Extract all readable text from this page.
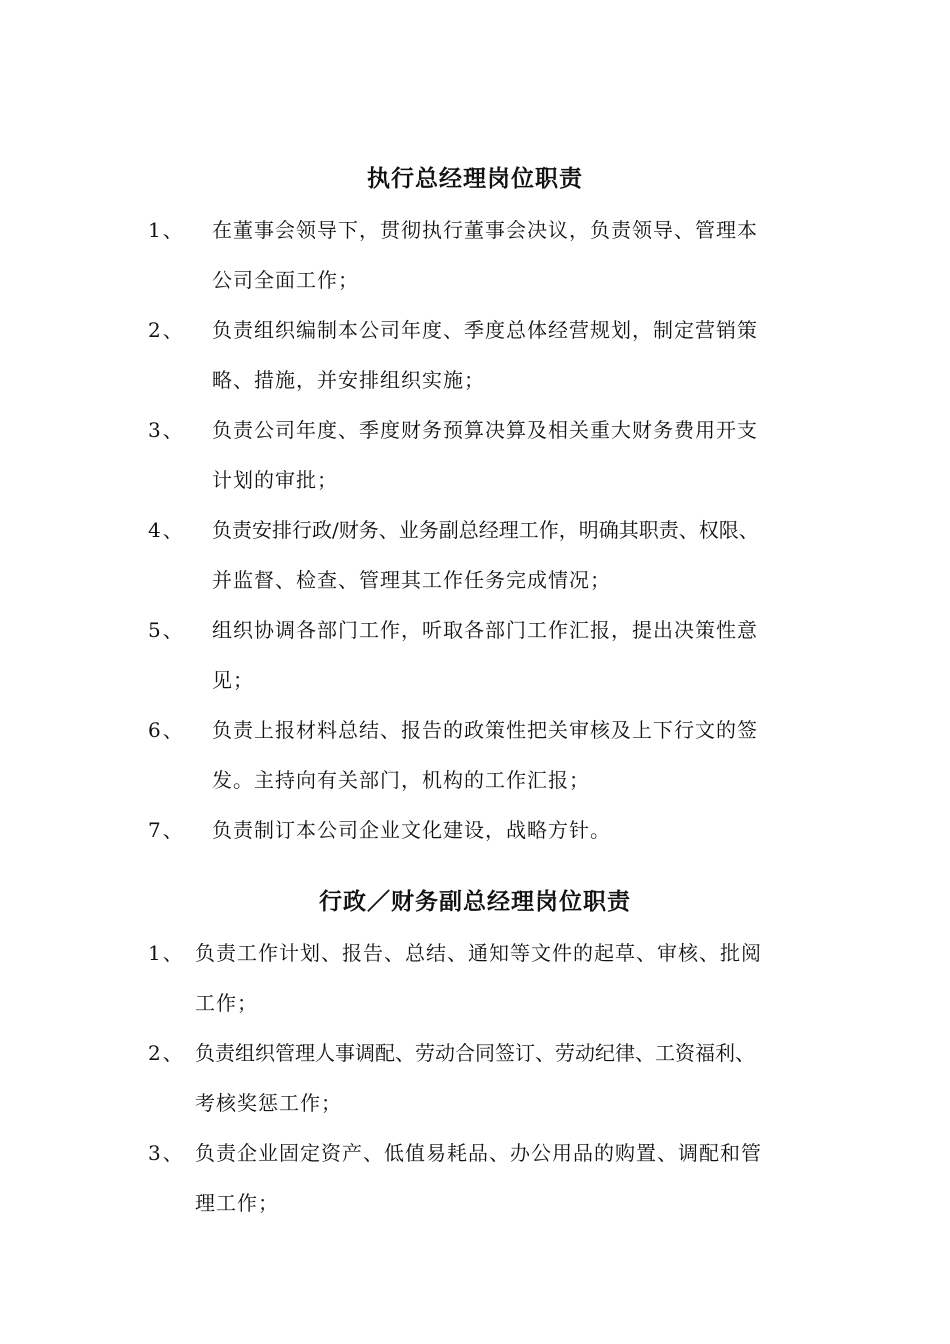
执行总经理岗位职责
1、 在董事会领导下，贯彻执行董事会决议，负责领导、管理本
公司全面工作；
2、 负责组织编制本公司年度、季度总体经营规划，制定营销策
略、措施，并安排组织实施；
3、 负责公司年度、季度财务预算决算及相关重大财务费用开支
计划的审批；
4、 负责安排行政/财务、业务副总经理工作，明确其职责、权限、
并监督、检查、管理其工作任务完成情况；
5、 组织协调各部门工作，听取各部门工作汇报，提出决策性意
见；
6、 负责上报材料总结、报告的政策性把关审核及上下行文的签
发。主持向有关部门，机构的工作汇报；
7、 负责制订本公司企业文化建设，战略方针。
行政／财务副总经理岗位职责
1、 负责工作计划、报告、总结、通知等文件的起草、审核、批阅
工作；
2、 负责组织管理人事调配、劳动合同签订、劳动纪律、工资福利、
考核奖惩工作；
3、 负责企业固定资产、低值易耗品、办公用品的购置、调配和管
理工作；
